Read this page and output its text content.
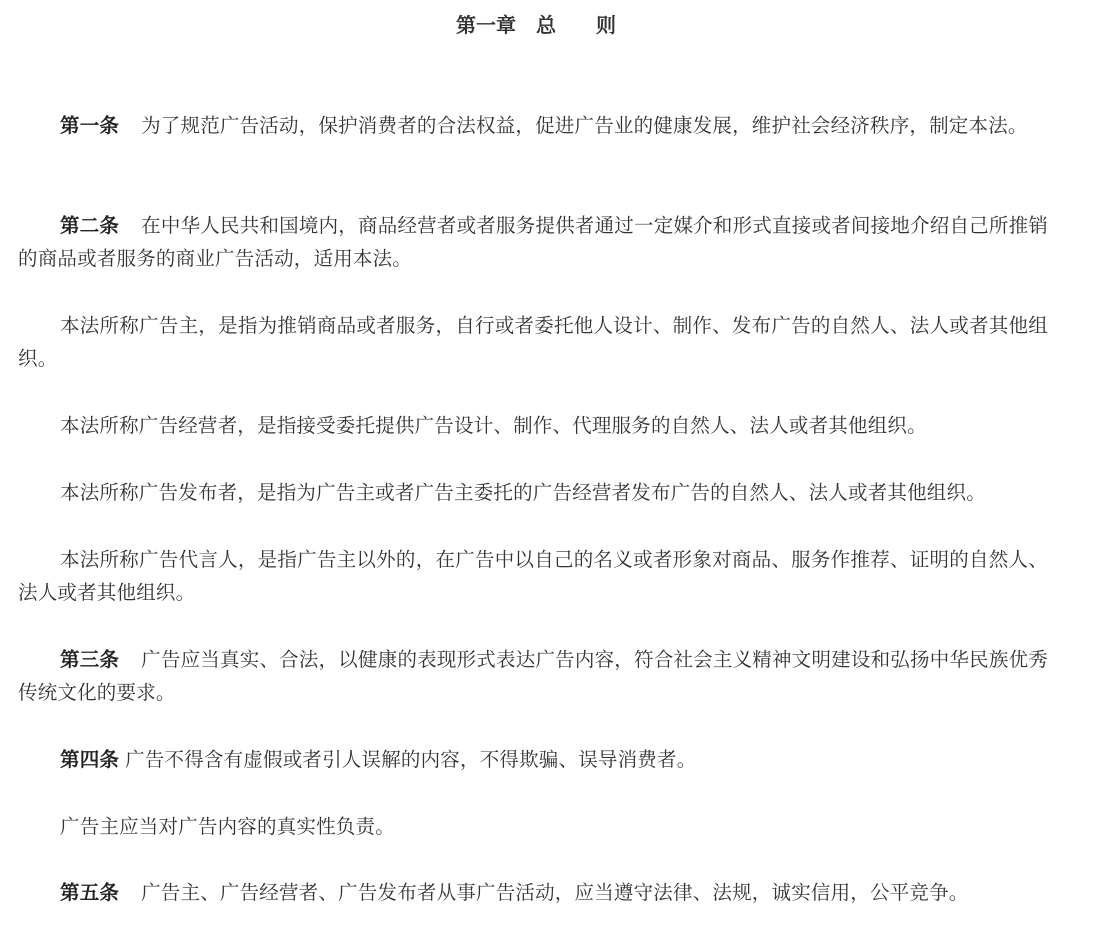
第一章　总　　则

第一条 为了规范广告活动，保护消费者的合法权益，促进广告业的健康发展，维护社会经济秩序，制定本法。

第二条 在中华人民共和国境内，商品经营者或者服务提供者通过一定媒介和形式直接或者间接地介绍自己所推销的商品或者服务的商业广告活动，适用本法。

本法所称广告主，是指为推销商品或者服务，自行或者委托他人设计、制作、发布广告的自然人、法人或者其他组织。

本法所称广告经营者，是指接受委托提供广告设计、制作、代理服务的自然人、法人或者其他组织。

本法所称广告发布者，是指为广告主或者广告主委托的广告经营者发布广告的自然人、法人或者其他组织。

本法所称广告代言人，是指广告主以外的，在广告中以自己的名义或者形象对商品、服务作推荐、证明的自然人、法人或者其他组织。

第三条 广告应当真实、合法，以健康的表现形式表达广告内容，符合社会主义精神文明建设和弘扬中华民族优秀传统文化的要求。

第四条 广告不得含有虚假或者引人误解的内容，不得欺骗、误导消费者。

广告主应当对广告内容的真实性负责。

第五条 广告主、广告经营者、广告发布者从事广告活动，应当遵守法律、法规，诚实信用，公平竞争。
